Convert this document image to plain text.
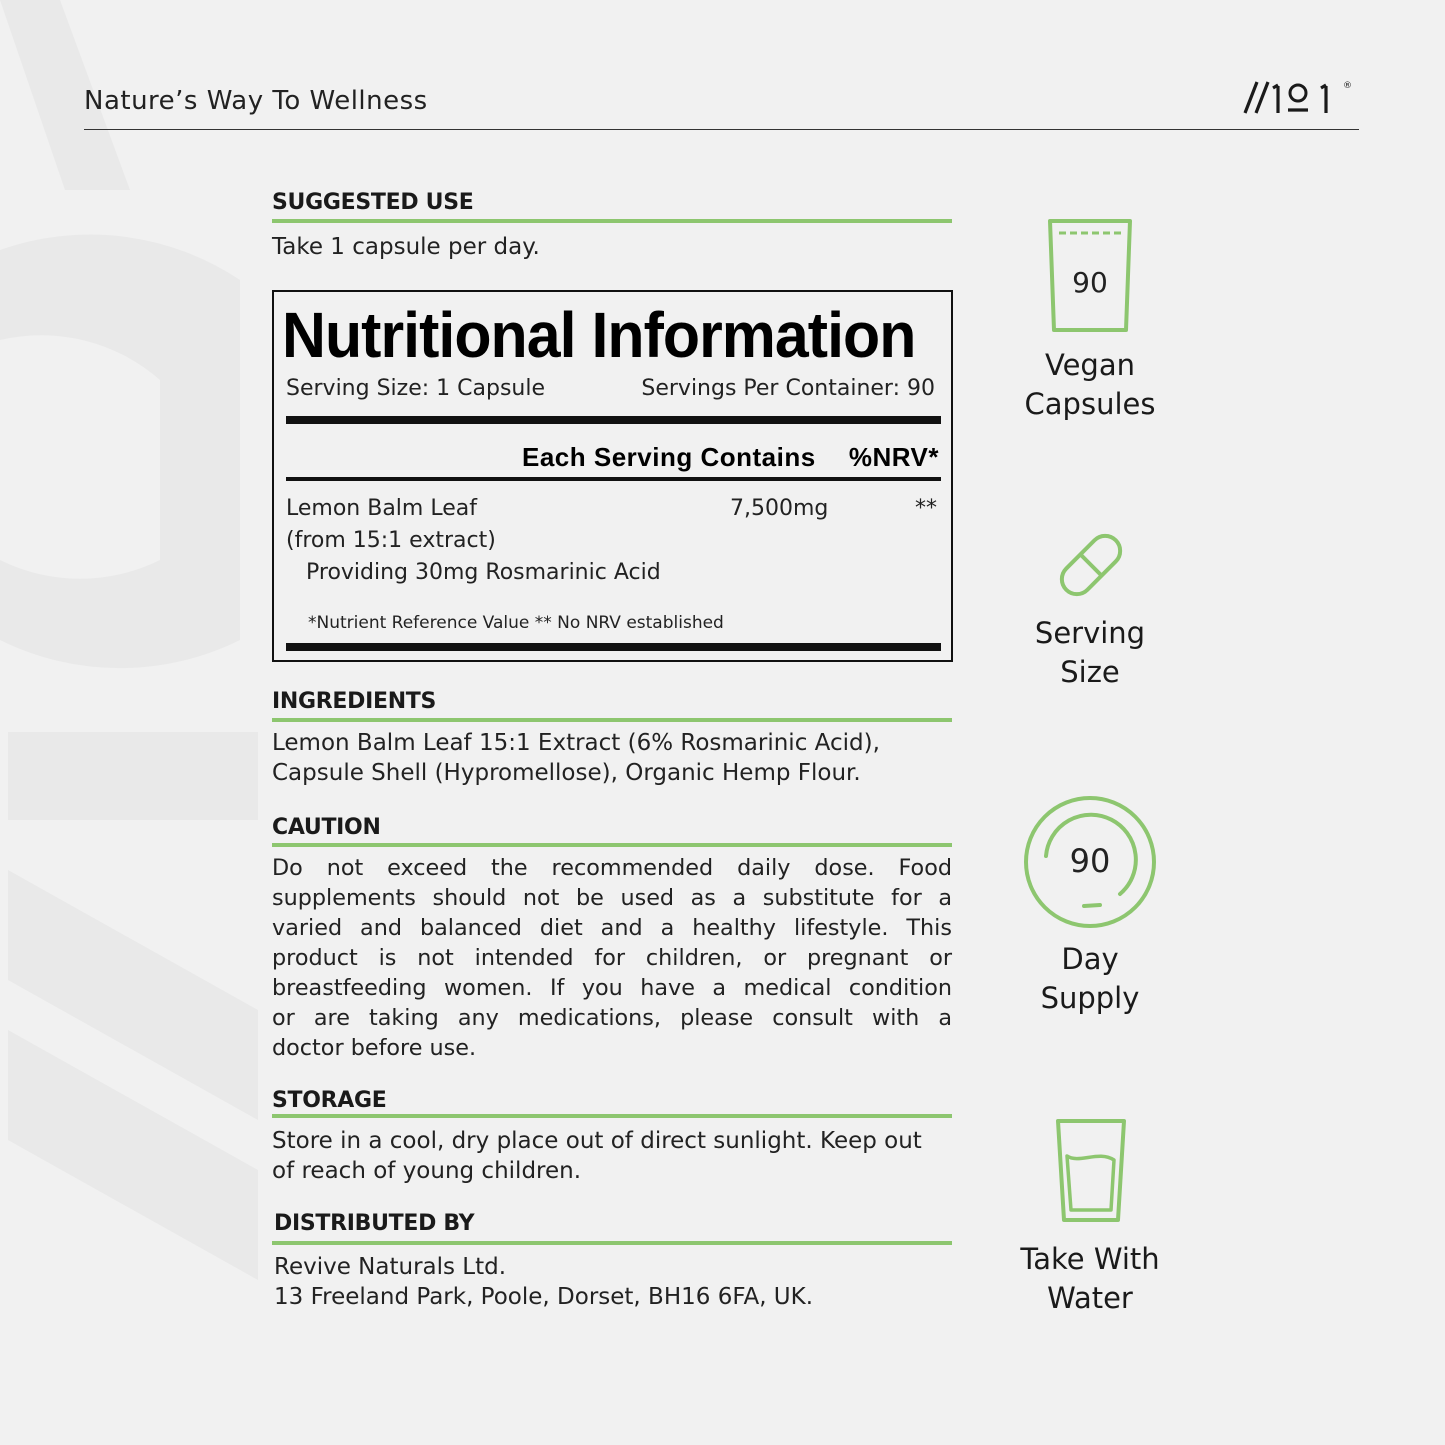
Nature’s Way To Wellness	®
SUGGESTED USE
Take 1 capsule per day.
Nutritional Information
Serving Size: 1 Capsule	Servings Per Container: 90
Each Serving Contains %NRV*
Lemon Balm Leaf	7,500mg	**
(from 15:1 extract)
Providing 30mg Rosmarinic Acid
*Nutrient Reference Value ** No NRV established
INGREDIENTS
Lemon Balm Leaf 15:1 Extract (6% Rosmarinic Acid),
Capsule Shell (Hypromellose), Organic Hemp Flour.
CAUTION
Do not exceed the recommended daily dose. Food
supplements should not be used as a substitute for a
varied and balanced diet and a healthy lifestyle. This
product is not intended for children, or pregnant or
breastfeeding women. If you have a medical condition
or are taking any medications, please consult with a
doctor before use.
STORAGE
Store in a cool, dry place out of direct sunlight. Keep out
of reach of young children.
DISTRIBUTED BY
Revive Naturals Ltd.
13 Freeland Park, Poole, Dorset, BH16 6FA, UK.
90
Vegan
Capsules
Serving
Size
90
Day
Supply
Take With
Water
